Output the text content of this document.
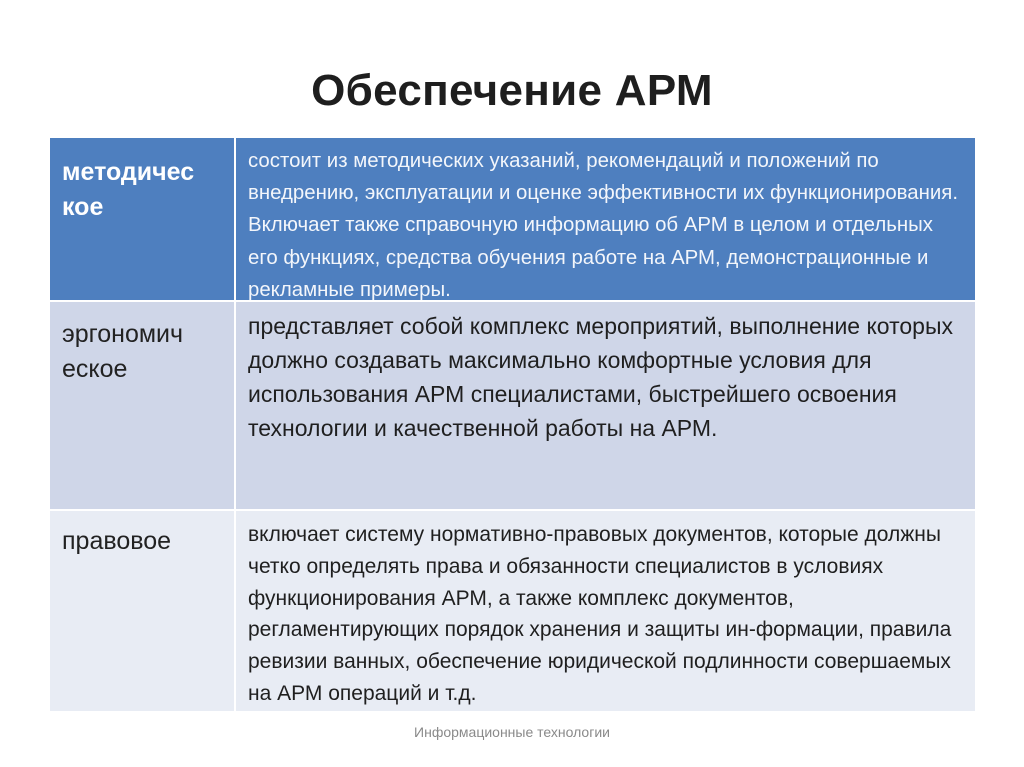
Обеспечение АРМ
методичес
кое
состоит из методических указаний, рекомендаций и положений по внедрению, эксплуатации и оценке эффективности их функционирования. Включает также справочную информацию об АРМ в целом и отдельных его функциях, средства обучения работе на АРМ, демонстрационные и рекламные примеры.
эргономич
еское
представляет собой комплекс мероприятий, выполнение которых должно создавать максимально комфортные условия для использования АРМ специалистами, быстрейшего освоения технологии и качественной работы на АРМ.
правовое	включает систему нормативно-правовых документов, которые должны четко определять права и обязанности специалистов в условиях функционирования АРМ, а также комплекс документов, регламентирующих порядок хранения и защиты ин-формации, правила ревизии ванных, обеспечение юридической подлинности совершаемых на АРМ операций и т.д.
Информационные технологии
